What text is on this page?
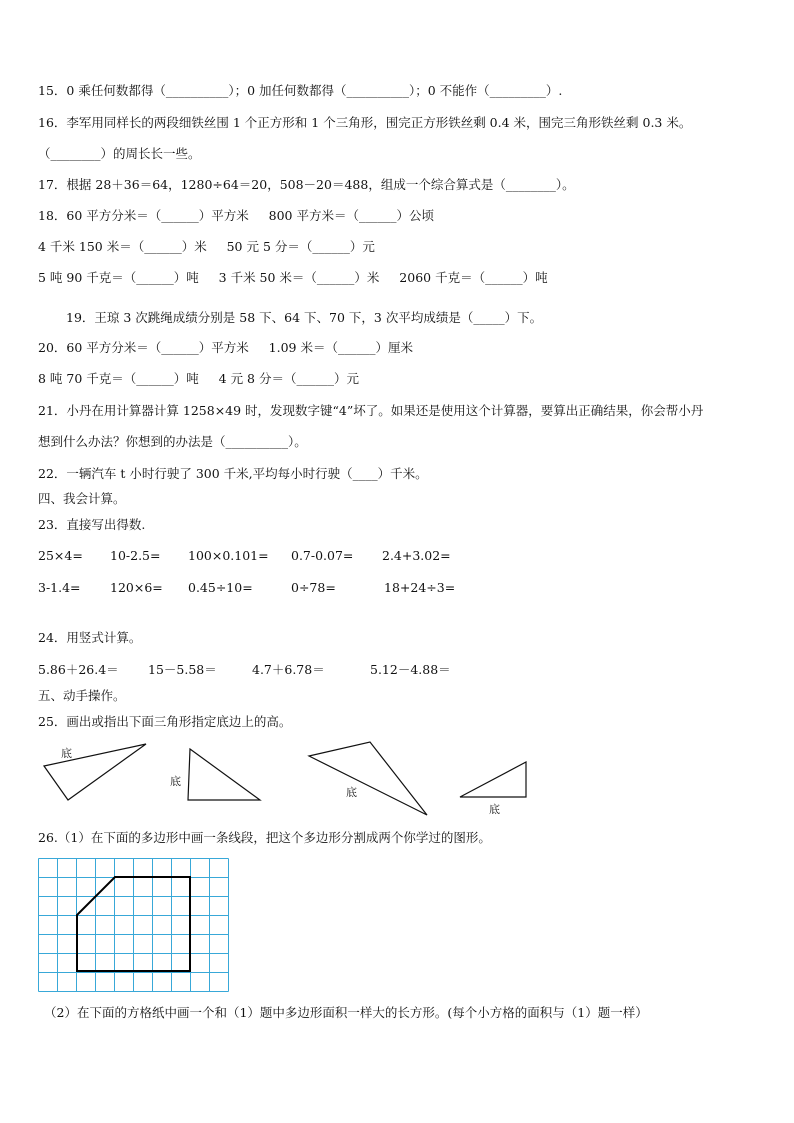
15．0 乘任何数都得（__________）；0 加任何数都得（__________）；0 不能作（_________）.
16．李军用同样长的两段细铁丝围 1 个正方形和 1 个三角形，围完正方形铁丝剩 0.4 米，围完三角形铁丝剩 0.3 米。
（________）的周长长一些。
17．根据 28＋36＝64，1280÷64＝20，508－20＝488，组成一个综合算式是（________）。
18．60 平方分米＝（______）平方米     800 平方米＝（______）公顷
4 千米 150 米＝（______）米     50 元 5 分＝（______）元
5 吨 90 千克＝（______）吨     3 千米 50 米＝（______）米     2060 千克＝（______）吨
19．王琼 3 次跳绳成绩分别是 58 下、64 下、70 下，3 次平均成绩是（_____）下。
20．60 平方分米＝（______）平方米     1.09 米＝（______）厘米
8 吨 70 千克＝（______）吨     4 元 8 分＝（______）元
21．小丹在用计算器计算 1258×49 时，发现数字键“4”坏了。如果还是使用这个计算器，要算出正确结果，你会帮小丹
想到什么办法？你想到的办法是（__________）。
22．一辆汽车 t 小时行驶了 300 千米,平均每小时行驶（____）千米。
四、我会计算。
23．直接写出得数.
25×4= 10-2.5= 100×0.101= 0.7-0.07= 2.4+3.02=
3-1.4= 120×6= 0.45÷10=	0÷78=	18+24÷3=
24．用竖式计算。
5.86＋26.4＝ 15－5.58＝	4.7＋6.78＝	5.12－4.88＝
五、动手操作。
25．画出或指出下面三角形指定底边上的高。
底
底
底
底
26.（1）在下面的多边形中画一条线段，把这个多边形分割成两个你学过的图形。
（2）在下面的方格纸中画一个和（1）题中多边形面积一样大的长方形。(每个小方格的面积与（1）题一样）
